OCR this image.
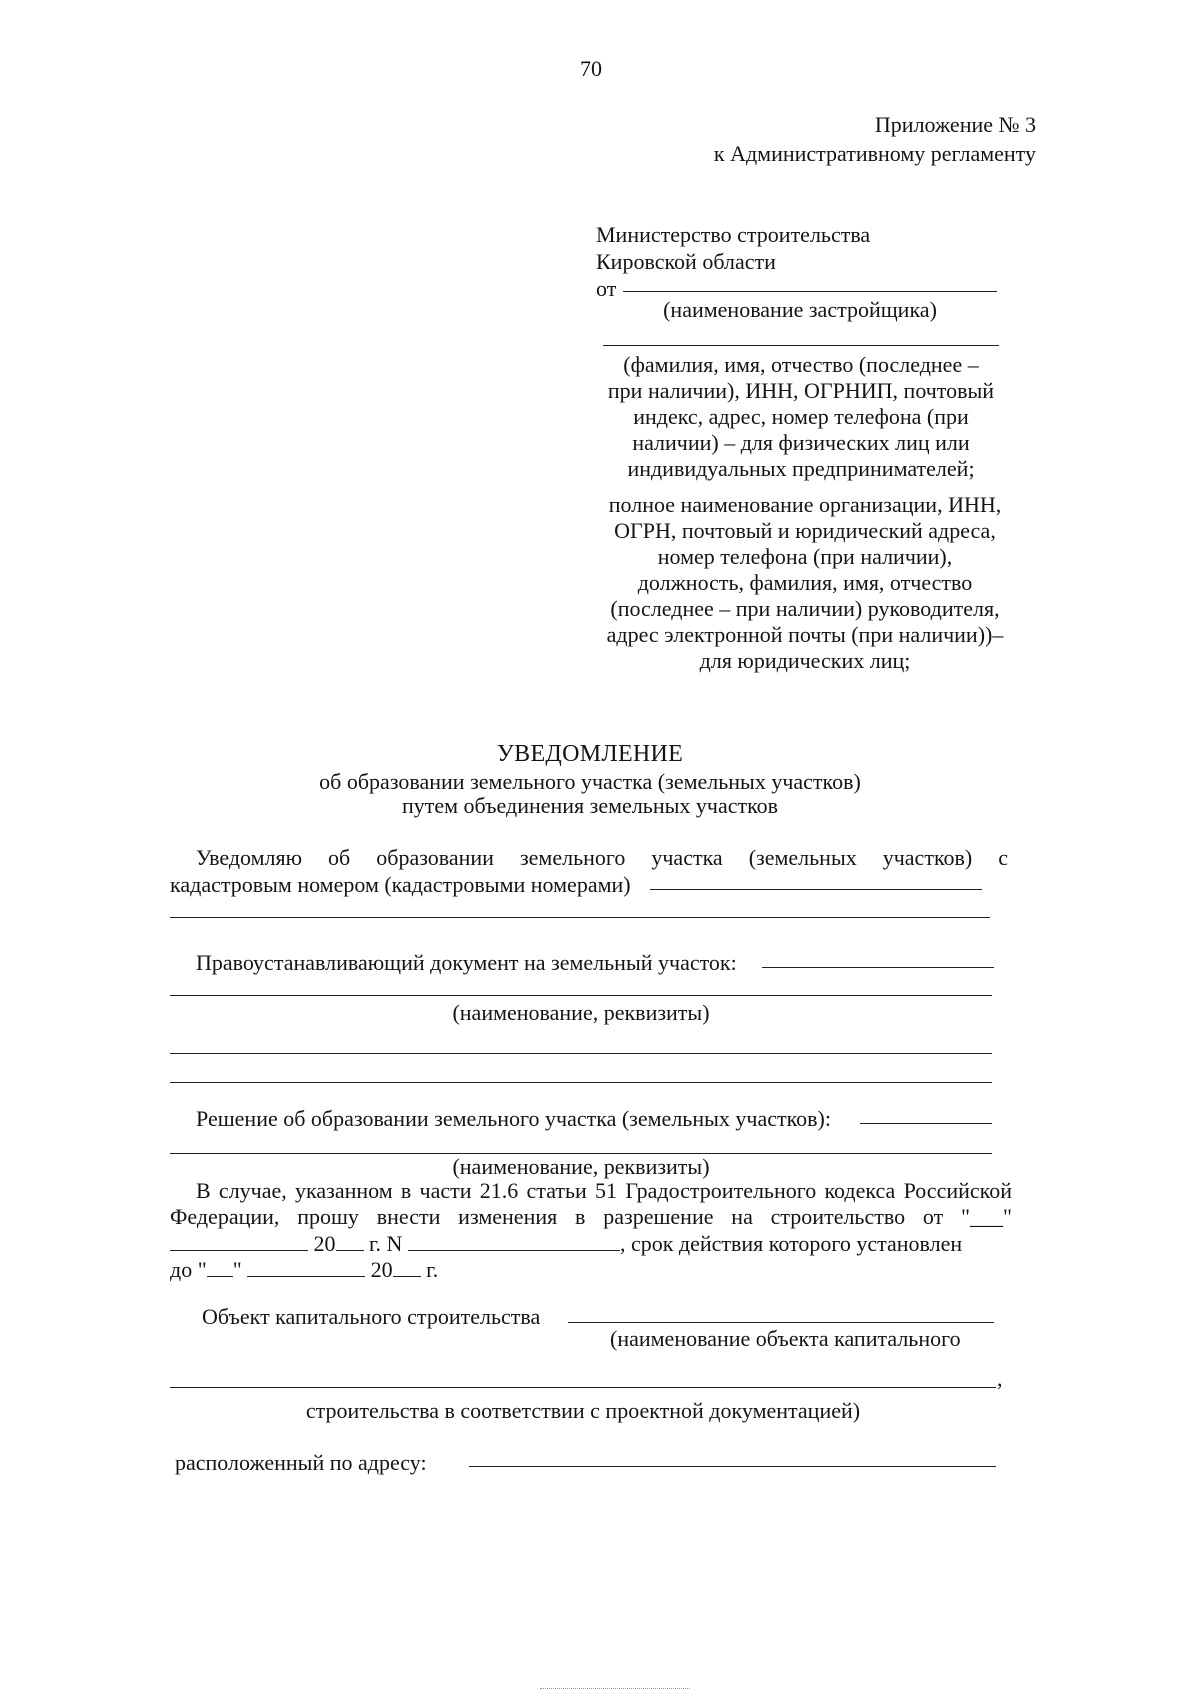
70
Приложение № 3
к Административному регламенту
Министерство строительства
Кировской области
от
(наименование застройщика)
(фамилия, имя, отчество (последнее –
при наличии), ИНН, ОГРНИП, почтовый
индекс, адрес, номер телефона (при
наличии) – для физических лиц или
индивидуальных предпринимателей;
полное наименование организации, ИНН,
ОГРН, почтовый и юридический адреса,
номер телефона (при наличии),
должность, фамилия, имя, отчество
(последнее – при наличии) руководителя,
адрес электронной почты (при наличии))–
для юридических лиц;
УВЕДОМЛЕНИЕ
об образовании земельного участка (земельных участков)
путем объединения земельных участков
Уведомляю об образовании земельного участка (земельных участков) с
кадастровым номером (кадастровыми номерами)
Правоустанавливающий документ на земельный участок:
(наименование, реквизиты)
Решение об образовании земельного участка (земельных участков):
(наименование, реквизиты)
В случае, указанном в части 21.6 статьи 51 Градостроительного кодекса Российской
Федерации, прошу внести изменения в разрешение на строительство от "___"
20 г. N	, срок действия которого установлен
до " "	20 г.
Объект капитального строительства
(наименование объекта капитального
,
строительства в соответствии с проектной документацией)
расположенный по адресу:
